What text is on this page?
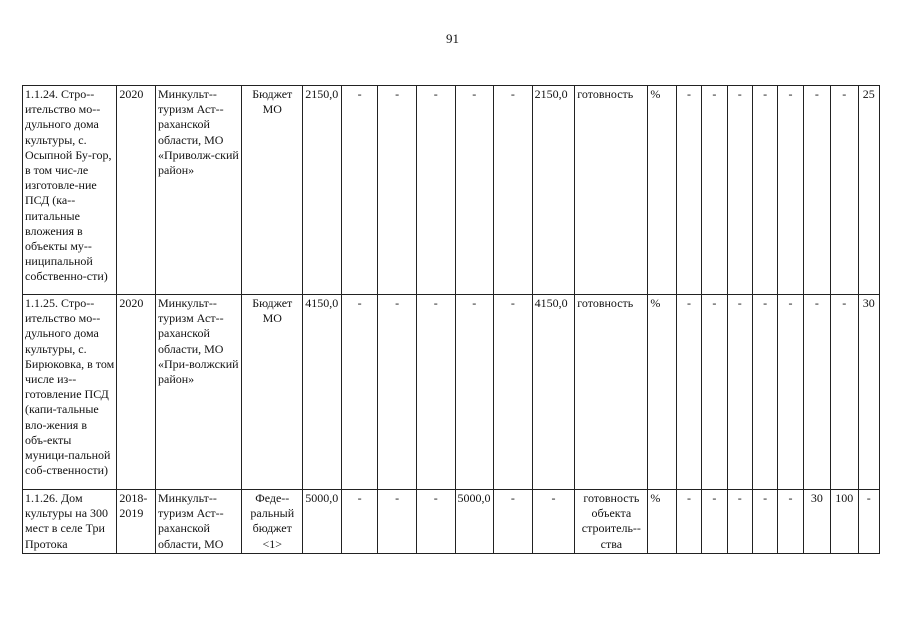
91
1.1.24. Стро-ительство мо-дульного дома культуры, с. Осыпной Бу-гор, в том чис-ле изготовле-ние ПСД (ка-питальные вложения в объекты му-ниципальной собственно-сти)	2020	Минкульт-туризм Аст-раханской области, МО «Приволж-ский район»	Бюджет МО	2150,0	-	-	-	-	-	2150,0	готовность	%	-	-	-	-	-	-	-	25
1.1.25. Стро-ительство мо-дульного дома культуры, с. Бирюковка, в том числе из-готовление ПСД (капи-тальные вло-жения в объ-екты муници-пальной соб-ственности)	2020	Минкульт-туризм Аст-раханской области, МО «При-волжский район»	Бюджет МО	4150,0	-	-	-	-	-	4150,0	готовность	%	-	-	-	-	-	-	-	30
1.1.26. Дом культуры на 300 мест в селе Три Протока	2018-2019	Минкульт-туризм Аст-раханской области, МО	Феде-ральный бюджет <1>	5000,0	-	-	-	5000,0	-	-	готовность объекта строитель-ства	%	-	-	-	-	-	30	100	-
